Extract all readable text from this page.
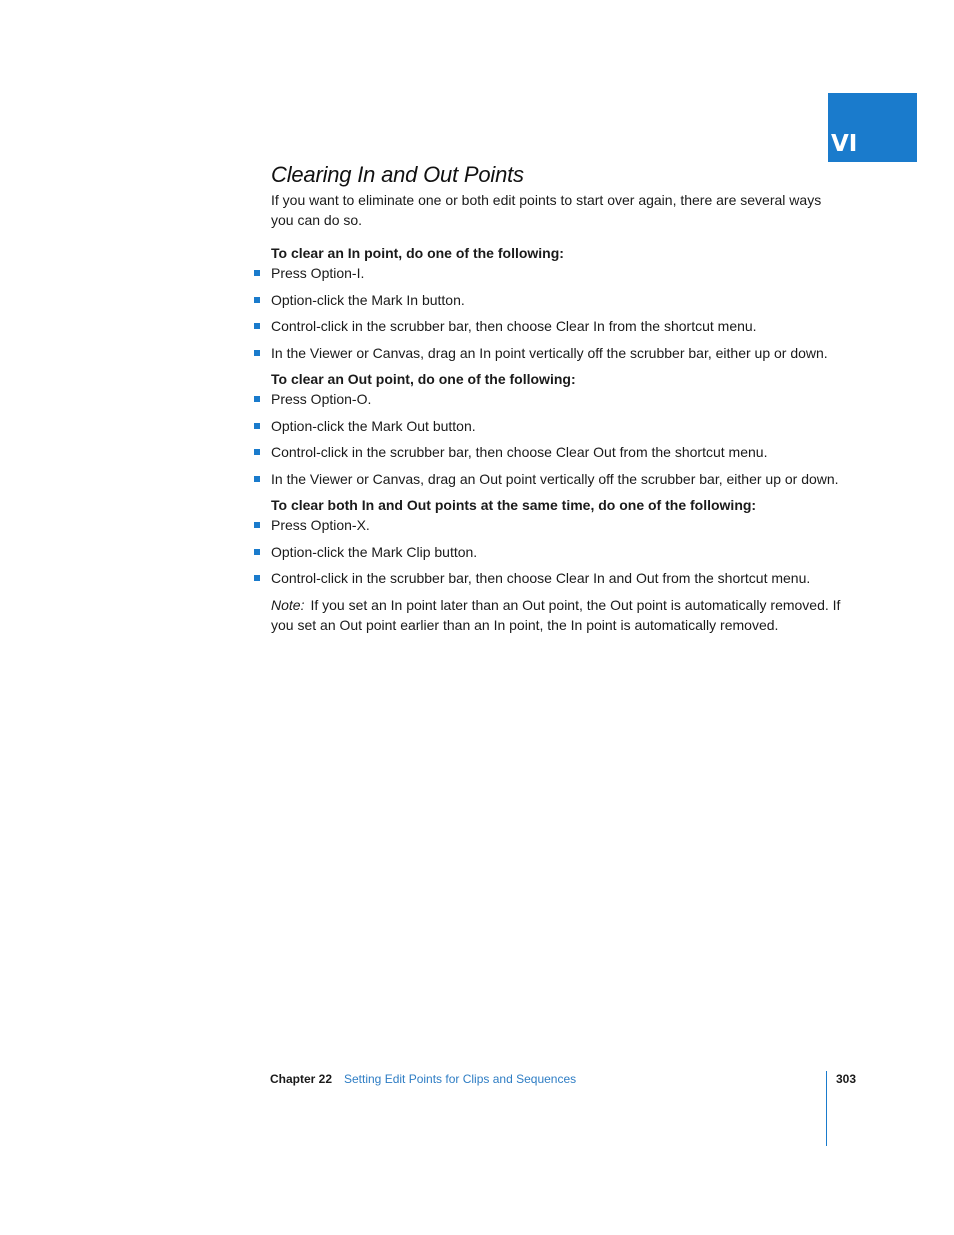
VI
Clearing In and Out Points

If you want to eliminate one or both edit points to start over again, there are several ways you can do so.

To clear an In point, do one of the following:

Press Option-I.
Option-click the Mark In button.
Control-click in the scrubber bar, then choose Clear In from the shortcut menu.
In the Viewer or Canvas, drag an In point vertically off the scrubber bar, either up or down.

To clear an Out point, do one of the following:

Press Option-O.
Option-click the Mark Out button.
Control-click in the scrubber bar, then choose Clear Out from the shortcut menu.
In the Viewer or Canvas, drag an Out point vertically off the scrubber bar, either up or down.

To clear both In and Out points at the same time, do one of the following:

Press Option-X.
Option-click the Mark Clip button.
Control-click in the scrubber bar, then choose Clear In and Out from the shortcut menu.

Note: If you set an In point later than an Out point, the Out point is automatically removed. If you set an Out point earlier than an In point, the In point is automatically removed.

Chapter 22 Setting Edit Points for Clips and Sequences	303
